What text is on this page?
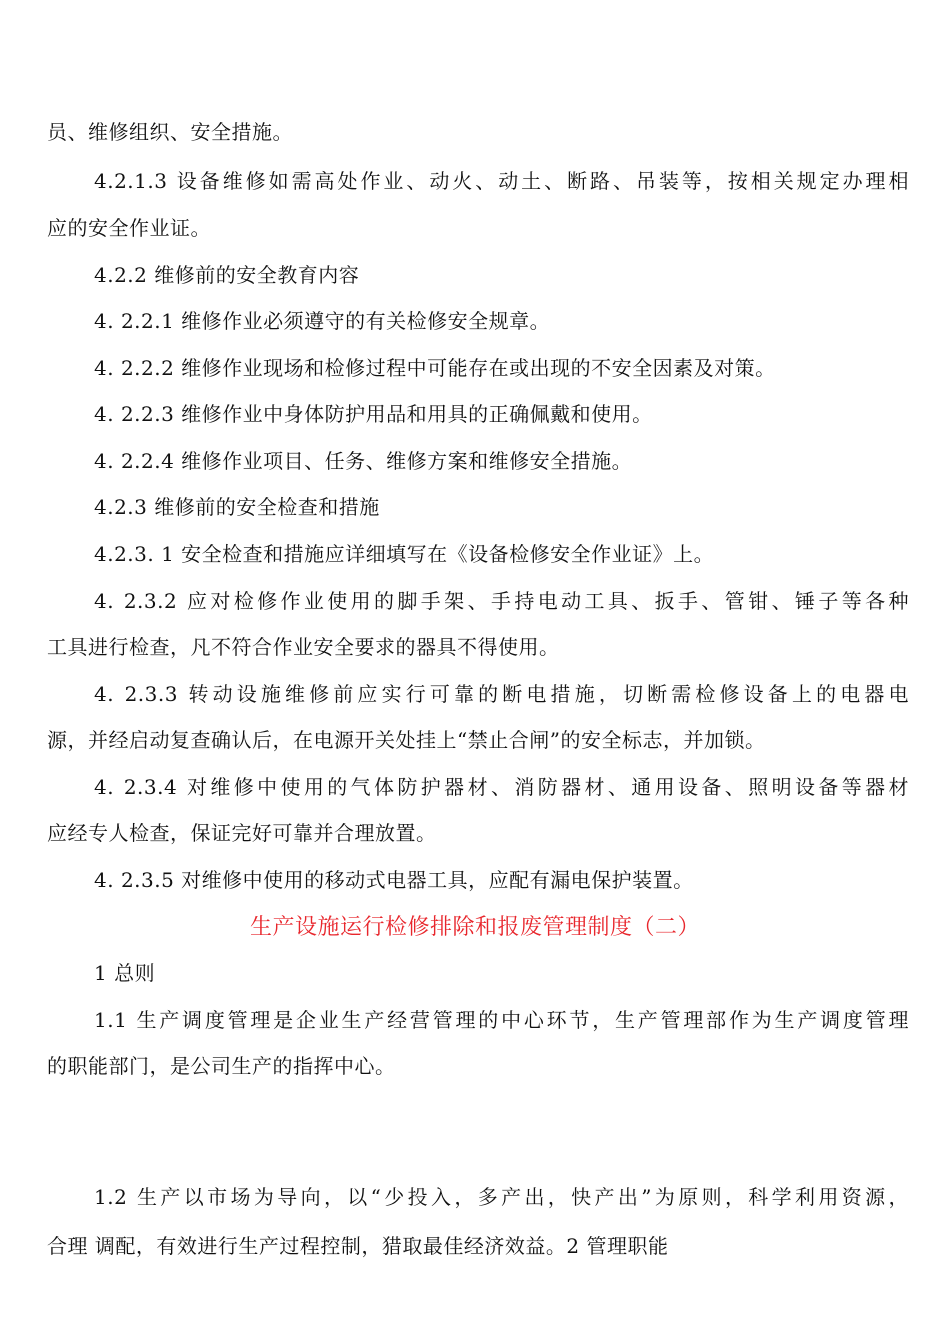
员、维修组织、安全措施。
4.2.1.3 设备维修如需高处作业、动火、动土、断路、吊装等，按相关规定办理相
应的安全作业证。
4.2.2 维修前的安全教育内容
4. 2.2.1 维修作业必须遵守的有关检修安全规章。
4. 2.2.2 维修作业现场和检修过程中可能存在或出现的不安全因素及对策。
4. 2.2.3 维修作业中身体防护用品和用具的正确佩戴和使用。
4. 2.2.4 维修作业项目、任务、维修方案和维修安全措施。
4.2.3 维修前的安全检查和措施
4.2.3. 1 安全检查和措施应详细填写在《设备检修安全作业证》上。
4. 2.3.2 应对检修作业使用的脚手架、手持电动工具、扳手、管钳、锤子等各种
工具进行检查，凡不符合作业安全要求的器具不得使用。
4. 2.3.3 转动设施维修前应实行可靠的断电措施，切断需检修设备上的电器电
源，并经启动复查确认后，在电源开关处挂上“禁止合闸”的安全标志，并加锁。
4. 2.3.4 对维修中使用的气体防护器材、消防器材、通用设备、照明设备等器材
应经专人检查，保证完好可靠并合理放置。
4. 2.3.5 对维修中使用的移动式电器工具，应配有漏电保护装置。
生产设施运行检修排除和报废管理制度（二）
1 总则
1.1 生产调度管理是企业生产经营管理的中心环节，生产管理部作为生产调度管理
的职能部门，是公司生产的指挥中心。
1.2 生产以市场为导向，以“少投入，多产出，快产出”为原则，科学利用资源，
合理 调配，有效进行生产过程控制，猎取最佳经济效益。2 管理职能
